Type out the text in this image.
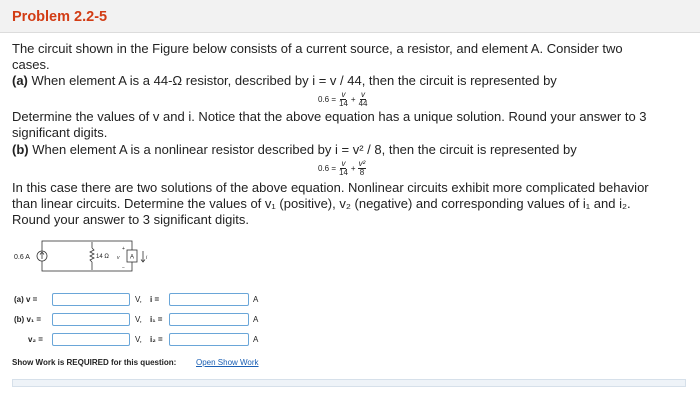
Problem 2.2-5
The circuit shown in the Figure below consists of a current source, a resistor, and element A. Consider two
cases.
(a) When element A is a 44-Ω resistor, described by i = v / 44, then the circuit is represented by
$0.6 = \frac{v}{14} + \frac{v}{44}$
Determine the values of v and i. Notice that the above equation has a unique solution. Round your answer to 3
significant digits.
(b) When element A is a nonlinear resistor described by i = v² / 8, then the circuit is represented by
$0.6 = \frac{v}{14} + \frac{\text{v²}}{8}$
In this case there are two solutions of the above equation. Nonlinear circuits exhibit more complicated behavior
than linear circuits. Determine the values of v₁ (positive), v₂ (negative) and corresponding values of i₁ and i₂.
Round your answer to 3 significant digits.
0.6 A	14 Ω
+
v
−
A i
(a) v =	V, i =	A
(b) v₁ =	V, i₁ =	A
v₂ =	V, i₂ =	A
Show Work is REQUIRED for this question: Open Show Work
